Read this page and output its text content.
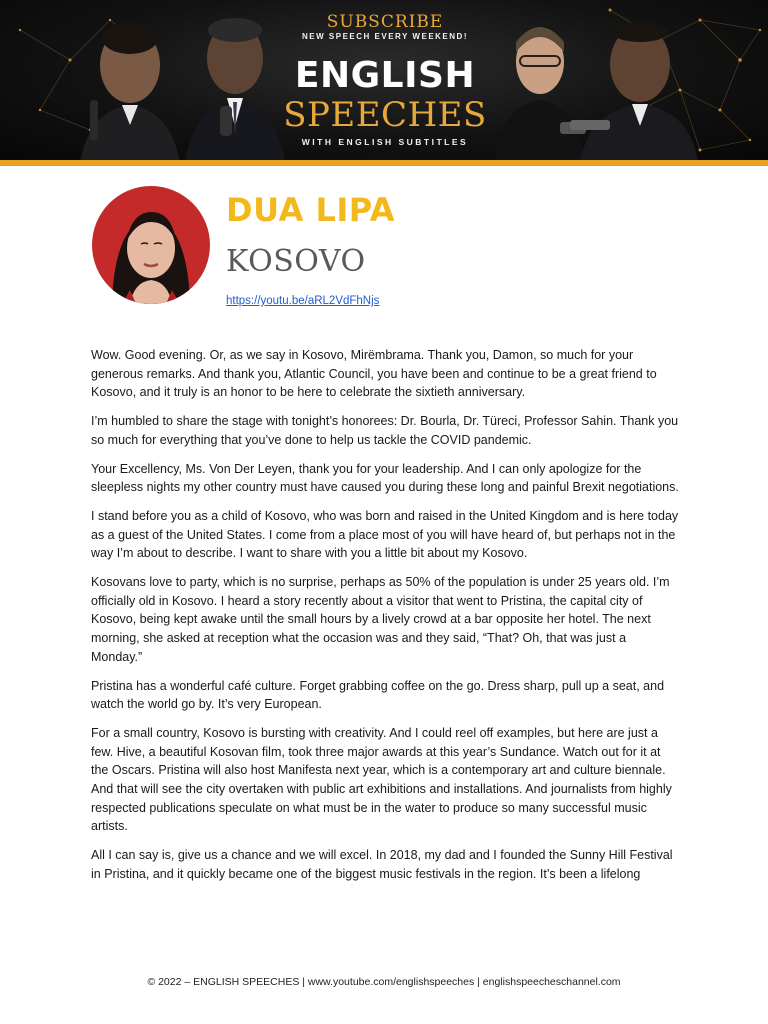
SUBSCRIBE
NEW SPEECH EVERY WEEKEND!
ENGLISH
SPEECHES
WITH ENGLISH SUBTITLES
DUA LIPA
KOSOVO
https://youtu.be/aRL2VdFhNjs

Wow. Good evening. Or, as we say in Kosovo, Mirëmbrama. Thank you, Damon, so much for your generous remarks. And thank you, Atlantic Council, you have been and continue to be a great friend to Kosovo, and it truly is an honor to be here to celebrate the sixtieth anniversary.

I’m humbled to share the stage with tonight’s honorees: Dr. Bourla, Dr. Türeci, Professor Sahin. Thank you so much for everything that you’ve done to help us tackle the COVID pandemic.

Your Excellency, Ms. Von Der Leyen, thank you for your leadership. And I can only apologize for the sleepless nights my other country must have caused you during these long and painful Brexit negotiations.

I stand before you as a child of Kosovo, who was born and raised in the United Kingdom and is here today as a guest of the United States. I come from a place most of you will have heard of, but perhaps not in the way I’m about to describe. I want to share with you a little bit about my Kosovo.

Kosovans love to party, which is no surprise, perhaps as 50% of the population is under 25 years old. I’m officially old in Kosovo. I heard a story recently about a visitor that went to Pristina, the capital city of Kosovo, being kept awake until the small hours by a lively crowd at a bar opposite her hotel. The next morning, she asked at reception what the occasion was and they said, “That? Oh, that was just a Monday.”

Pristina has a wonderful café culture. Forget grabbing coffee on the go. Dress sharp, pull up a seat, and watch the world go by. It’s very European.

For a small country, Kosovo is bursting with creativity. And I could reel off examples, but here are just a few. Hive, a beautiful Kosovan film, took three major awards at this year’s Sundance. Watch out for it at the Oscars. Pristina will also host Manifesta next year, which is a contemporary art and culture biennale. And that will see the city overtaken with public art exhibitions and installations. And journalists from highly respected publications speculate on what must be in the water to produce so many successful music artists.

All I can say is, give us a chance and we will excel. In 2018, my dad and I founded the Sunny Hill Festival in Pristina, and it quickly became one of the biggest music festivals in the region. It’s been a lifelong

© 2022 – ENGLISH SPEECHES | www.youtube.com/englishspeeches | englishspeecheschannel.com
